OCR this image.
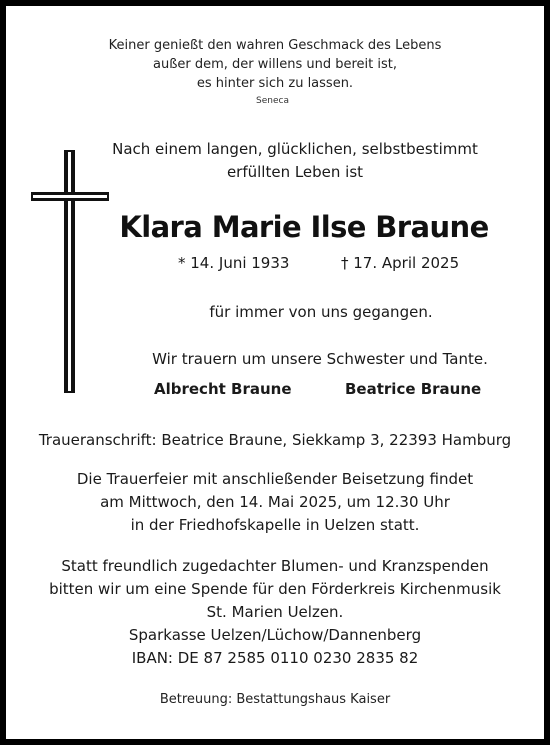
Keiner genießt den wahren Geschmack des Lebens
außer dem, der willens und bereit ist,
es hinter sich zu lassen.
Seneca
Nach einem langen, glücklichen, selbstbestimmt
erfüllten Leben ist
Klara Marie Ilse Braune
* 14. Juni 1933	† 17. April 2025
für immer von uns gegangen.
Wir trauern um unsere Schwester und Tante.
Albrecht Braune	Beatrice Braune
Traueranschrift: Beatrice Braune, Siekkamp 3, 22393 Hamburg
Die Trauerfeier mit anschließender Beisetzung findet
am Mittwoch, den 14. Mai 2025, um 12.30 Uhr
in der Friedhofskapelle in Uelzen statt.
Statt freundlich zugedachter Blumen- und Kranzspenden
bitten wir um eine Spende für den Förderkreis Kirchenmusik
St. Marien Uelzen.
Sparkasse Uelzen/Lüchow/Dannenberg
IBAN: DE 87 2585 0110 0230 2835 82
Betreuung: Bestattungshaus Kaiser
